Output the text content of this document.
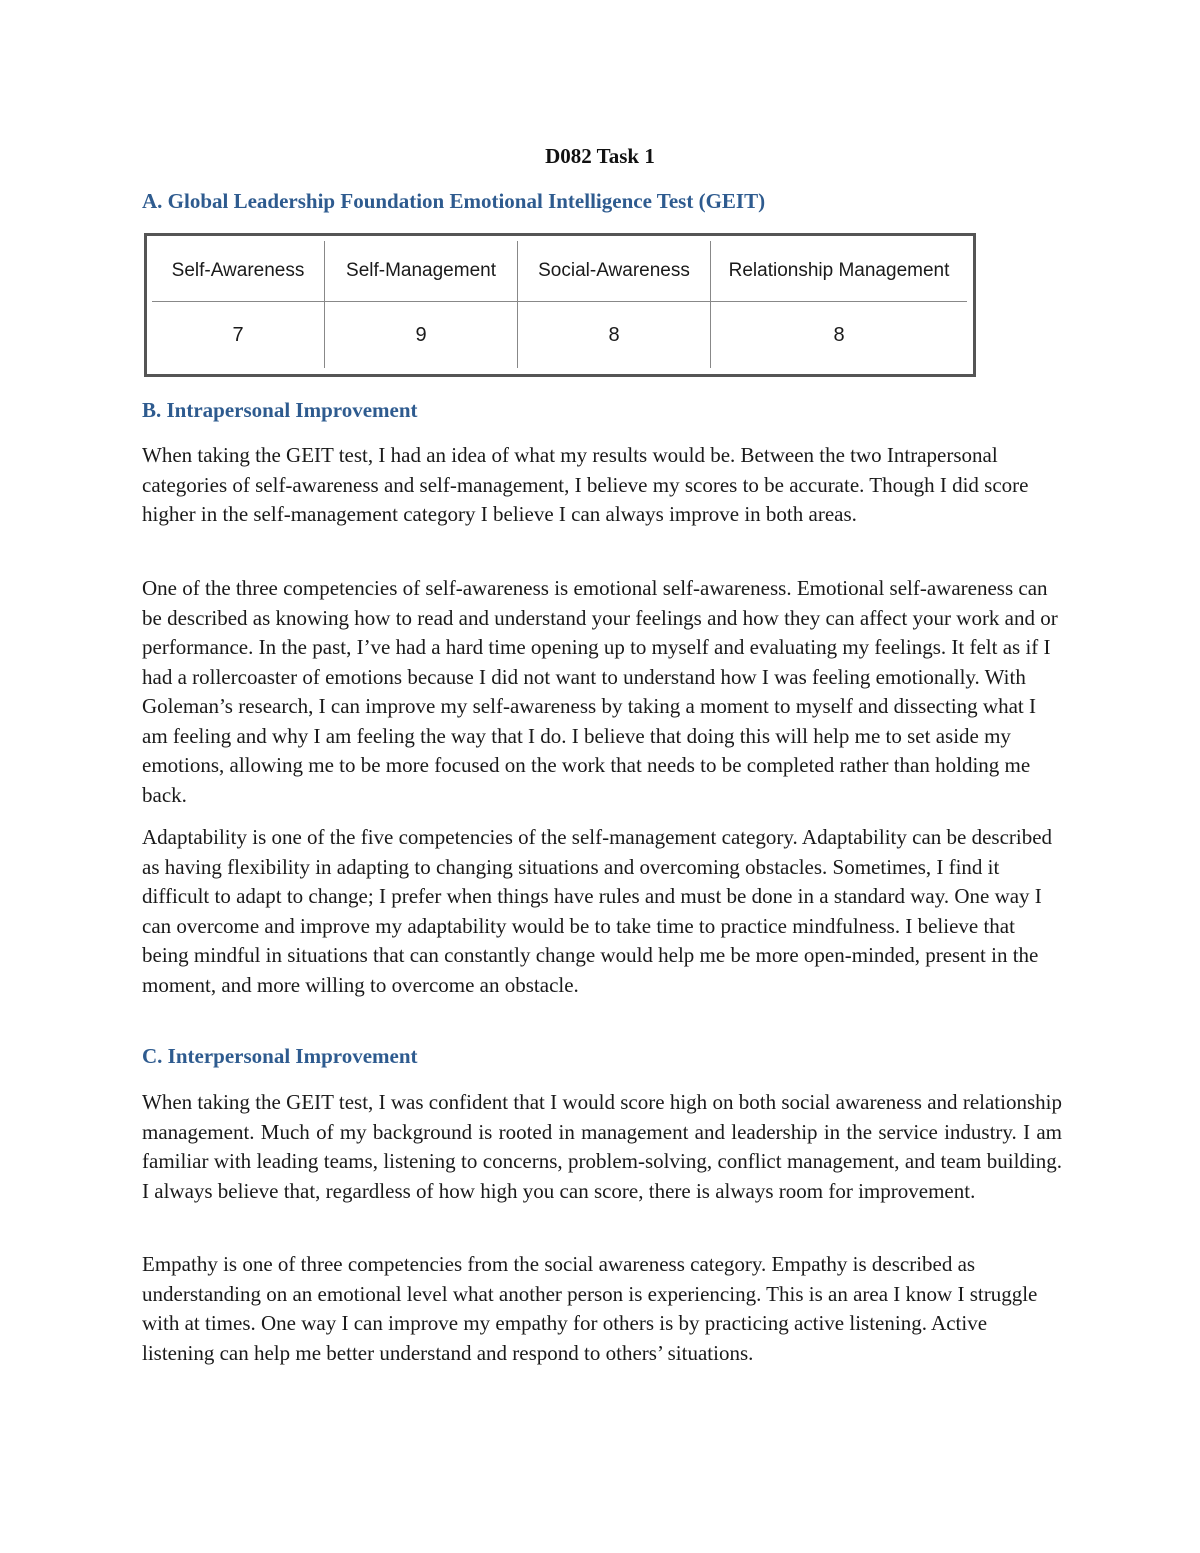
D082 Task 1
A. Global Leadership Foundation Emotional Intelligence Test (GEIT)
Self-Awareness	Self-Management	Social-Awareness	Relationship Management
7	9	8	8
B. Intrapersonal Improvement

When taking the GEIT test, I had an idea of what my results would be. Between the two Intrapersonal categories of self-awareness and self-management, I believe my scores to be accurate. Though I did score higher in the self-management category I believe I can always improve in both areas.

One of the three competencies of self-awareness is emotional self-awareness. Emotional self-awareness can be described as knowing how to read and understand your feelings and how they can affect your work and or performance. In the past, I’ve had a hard time opening up to myself and evaluating my feelings. It felt as if I had a rollercoaster of emotions because I did not want to understand how I was feeling emotionally. With Goleman’s research, I can improve my self-awareness by taking a moment to myself and dissecting what I am feeling and why I am feeling the way that I do. I believe that doing this will help me to set aside my emotions, allowing me to be more focused on the work that needs to be completed rather than holding me back.

Adaptability is one of the five competencies of the self-management category. Adaptability can be described as having flexibility in adapting to changing situations and overcoming obstacles. Sometimes, I find it difficult to adapt to change; I prefer when things have rules and must be done in a standard way. One way I can overcome and improve my adaptability would be to take time to practice mindfulness. I believe that being mindful in situations that can constantly change would help me be more open-minded, present in the moment, and more willing to overcome an obstacle.

C. Interpersonal Improvement

When taking the GEIT test, I was confident that I would score high on both social awareness and relationship management. Much of my background is rooted in management and leadership in the service industry. I am familiar with leading teams, listening to concerns, problem-solving, conflict management, and team building. I always believe that, regardless of how high you can score, there is always room for improvement.

Empathy is one of three competencies from the social awareness category. Empathy is described as understanding on an emotional level what another person is experiencing. This is an area I know I struggle with at times. One way I can improve my empathy for others is by practicing active listening. Active listening can help me better understand and respond to others’ situations.
